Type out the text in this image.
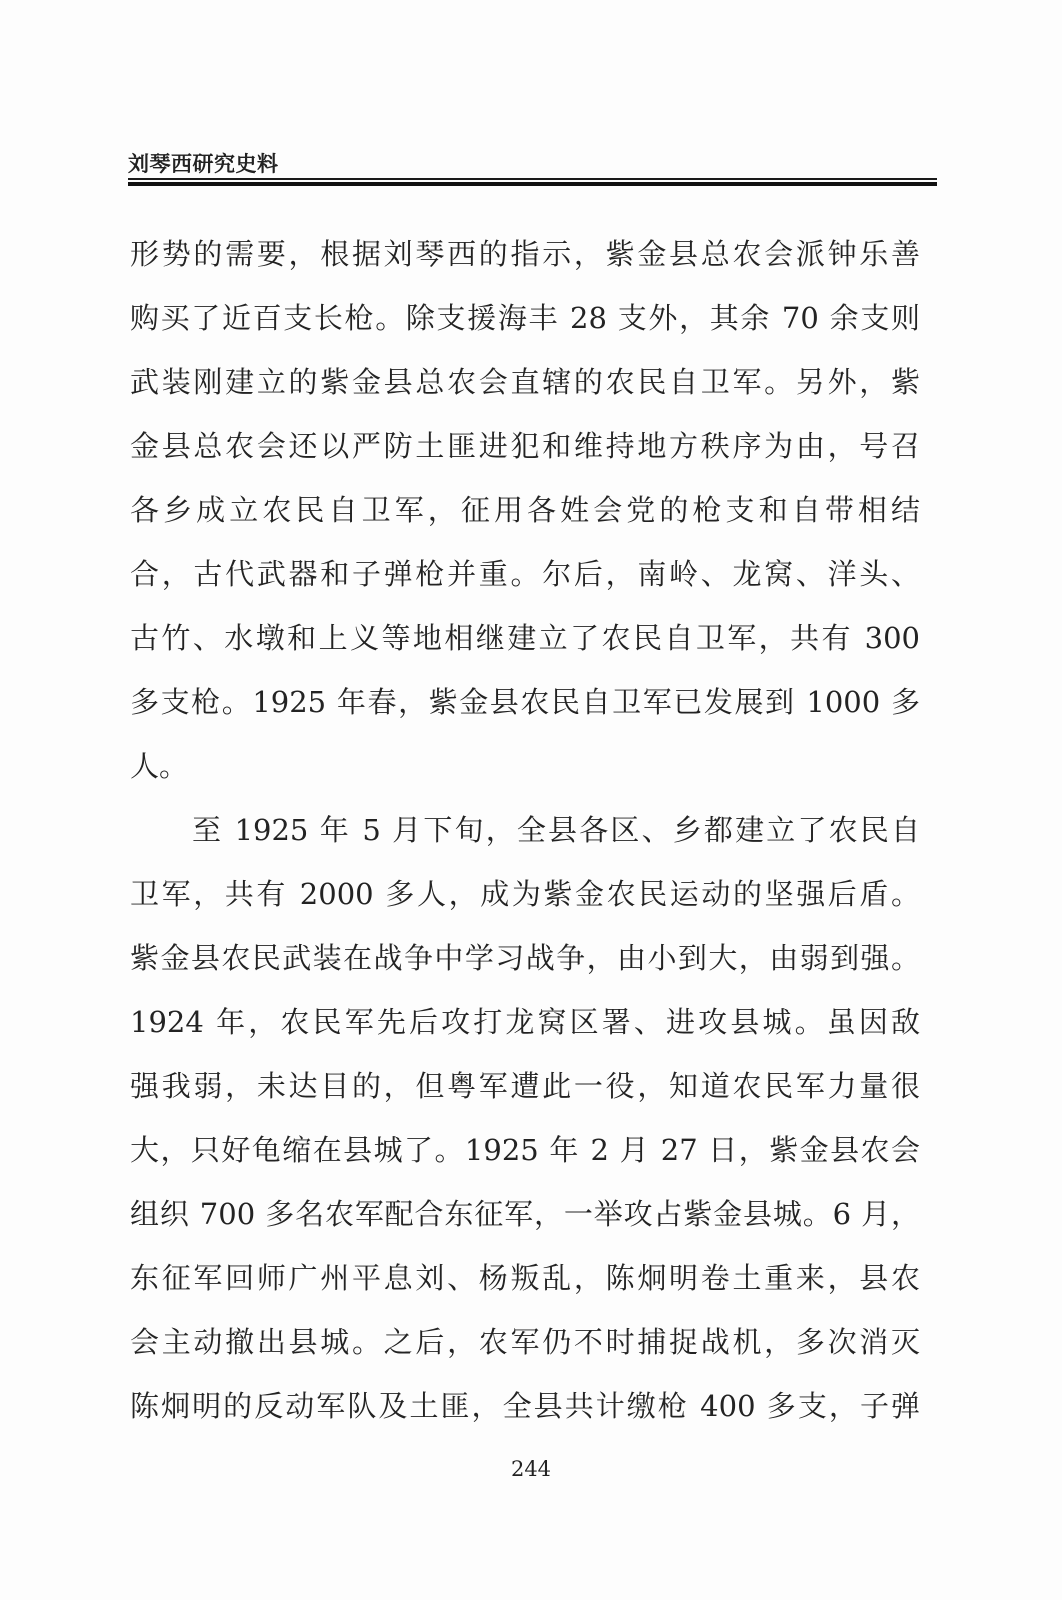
刘琴西研究史料
形势的需要，根据刘琴西的指示，紫金县总农会派钟乐善
购买了近百支长枪。除支援海丰 28 支外，其余 70 余支则
武装刚建立的紫金县总农会直辖的农民自卫军。另外，紫
金县总农会还以严防土匪进犯和维持地方秩序为由，号召
各乡成立农民自卫军，征用各姓会党的枪支和自带相结
合，古代武器和子弹枪并重。尔后，南岭、龙窝、洋头、
古竹、水墩和上义等地相继建立了农民自卫军，共有 300
多支枪。1925 年春，紫金县农民自卫军已发展到 1000 多
人。
至 1925 年 5 月下旬，全县各区、乡都建立了农民自
卫军，共有 2000 多人，成为紫金农民运动的坚强后盾。
紫金县农民武装在战争中学习战争，由小到大，由弱到强。
1924 年，农民军先后攻打龙窝区署、进攻县城。虽因敌
强我弱，未达目的，但粤军遭此一役，知道农民军力量很
大，只好龟缩在县城了。1925 年 2 月 27 日，紫金县农会
组织 700 多名农军配合东征军，一举攻占紫金县城。6 月，
东征军回师广州平息刘、杨叛乱，陈炯明卷土重来，县农
会主动撤出县城。之后，农军仍不时捕捉战机，多次消灭
陈炯明的反动军队及土匪，全县共计缴枪 400 多支，子弹
244
